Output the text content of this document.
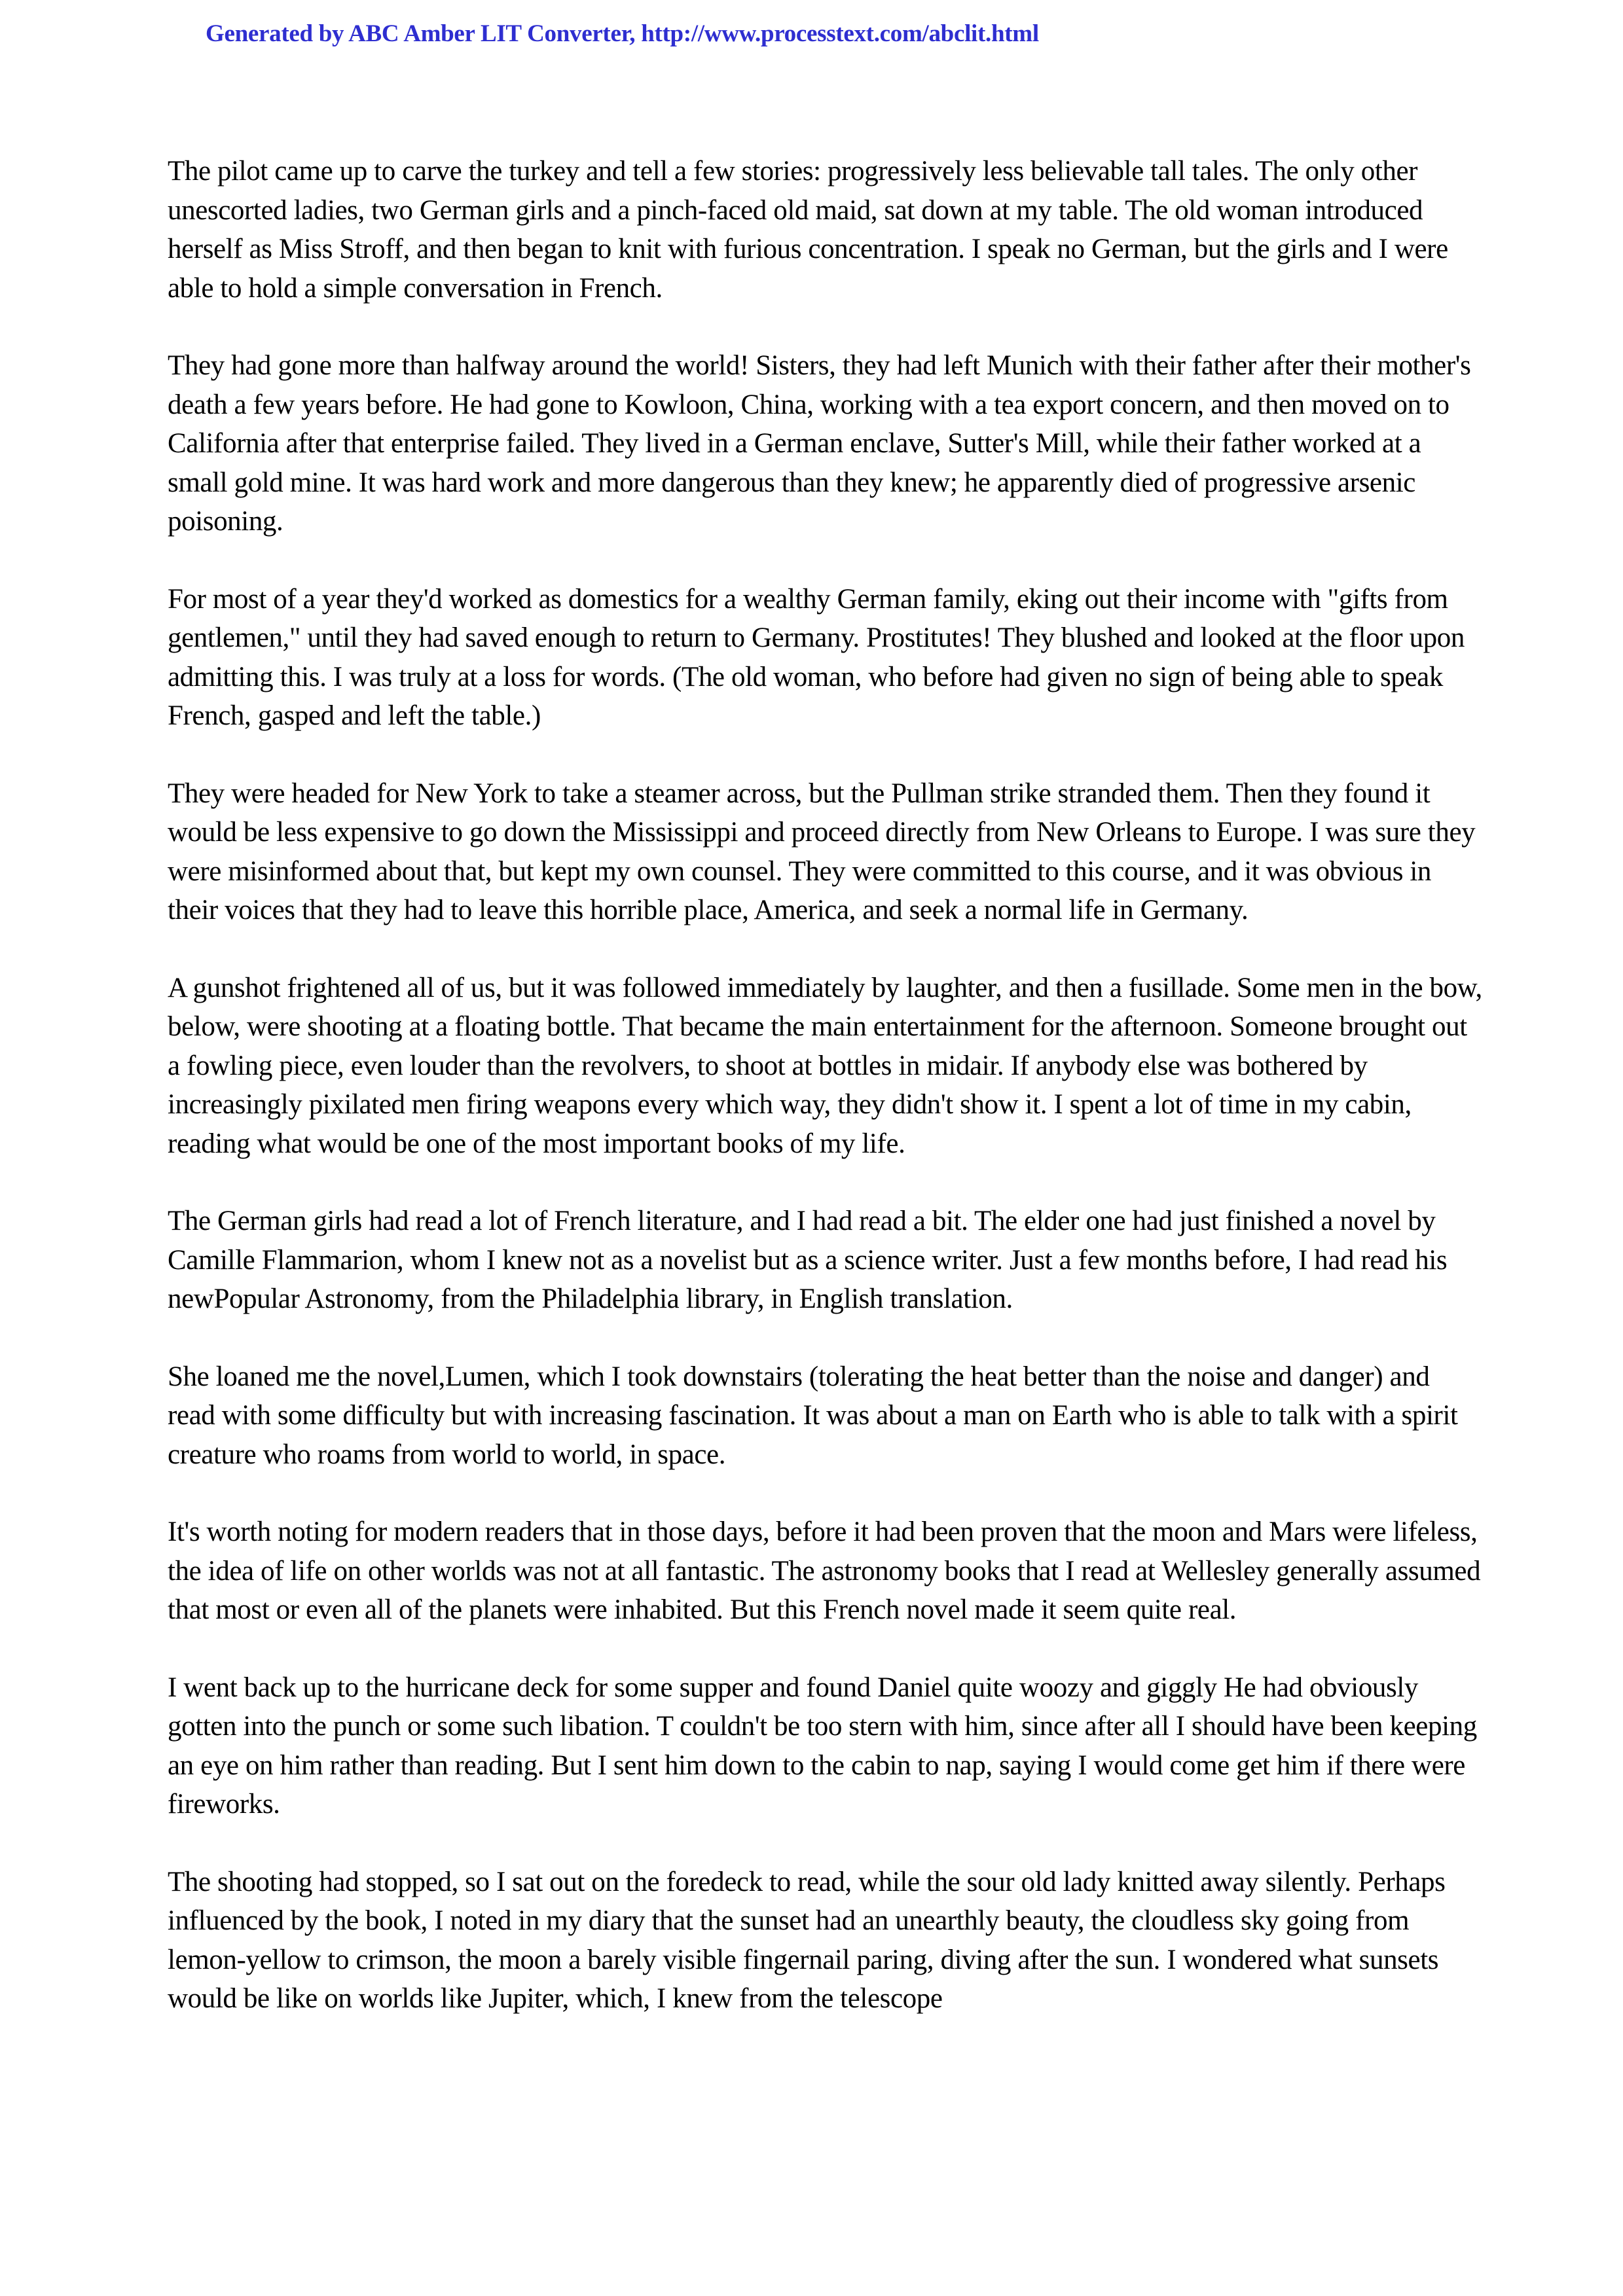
Generated by ABC Amber LIT Converter, http://www.processtext.com/abclit.html

The pilot came up to carve the turkey and tell a few stories: progressively less believable tall tales. The only other unescorted ladies, two German girls and a pinch-faced old maid, sat down at my table. The old woman introduced herself as Miss Stroff, and then began to knit with furious concentration. I speak no German, but the girls and I were able to hold a simple conversation in French.

They had gone more than halfway around the world! Sisters, they had left Munich with their father after their mother's death a few years before. He had gone to Kowloon, China, working with a tea export concern, and then moved on to California after that enterprise failed. They lived in a German enclave, Sutter's Mill, while their father worked at a small gold mine. It was hard work and more dangerous than they knew; he apparently died of progressive arsenic poisoning.

For most of a year they'd worked as domestics for a wealthy German family, eking out their income with "gifts from gentlemen," until they had saved enough to return to Germany. Prostitutes! They blushed and looked at the floor upon admitting this. I was truly at a loss for words. (The old woman, who before had given no sign of being able to speak French, gasped and left the table.)

They were headed for New York to take a steamer across, but the Pullman strike stranded them. Then they found it would be less expensive to go down the Mississippi and proceed directly from New Orleans to Europe. I was sure they were misinformed about that, but kept my own counsel. They were committed to this course, and it was obvious in their voices that they had to leave this horrible place, America, and seek a normal life in Germany.

A gunshot frightened all of us, but it was followed immediately by laughter, and then a fusillade. Some men in the bow, below, were shooting at a floating bottle. That became the main entertainment for the afternoon. Someone brought out a fowling piece, even louder than the revolvers, to shoot at bottles in midair. If anybody else was bothered by increasingly pixilated men firing weapons every which way, they didn't show it. I spent a lot of time in my cabin, reading what would be one of the most important books of my life.

The German girls had read a lot of French literature, and I had read a bit. The elder one had just finished a novel by Camille Flammarion, whom I knew not as a novelist but as a science writer. Just a few months before, I had read his newPopular Astronomy, from the Philadelphia library, in English translation.

She loaned me the novel,Lumen, which I took downstairs (tolerating the heat better than the noise and danger) and read with some difficulty but with increasing fascination. It was about a man on Earth who is able to talk with a spirit creature who roams from world to world, in space.

It's worth noting for modern readers that in those days, before it had been proven that the moon and Mars were lifeless, the idea of life on other worlds was not at all fantastic. The astronomy books that I read at Wellesley generally assumed that most or even all of the planets were inhabited. But this French novel made it seem quite real.

I went back up to the hurricane deck for some supper and found Daniel quite woozy and giggly He had obviously gotten into the punch or some such libation. T couldn't be too stern with him, since after all I should have been keeping an eye on him rather than reading. But I sent him down to the cabin to nap, saying I would come get him if there were fireworks.

The shooting had stopped, so I sat out on the foredeck to read, while the sour old lady knitted away silently. Perhaps influenced by the book, I noted in my diary that the sunset had an unearthly beauty, the cloudless sky going from lemon-yellow to crimson, the moon a barely visible fingernail paring, diving after the sun. I wondered what sunsets would be like on worlds like Jupiter, which, I knew from the telescope
